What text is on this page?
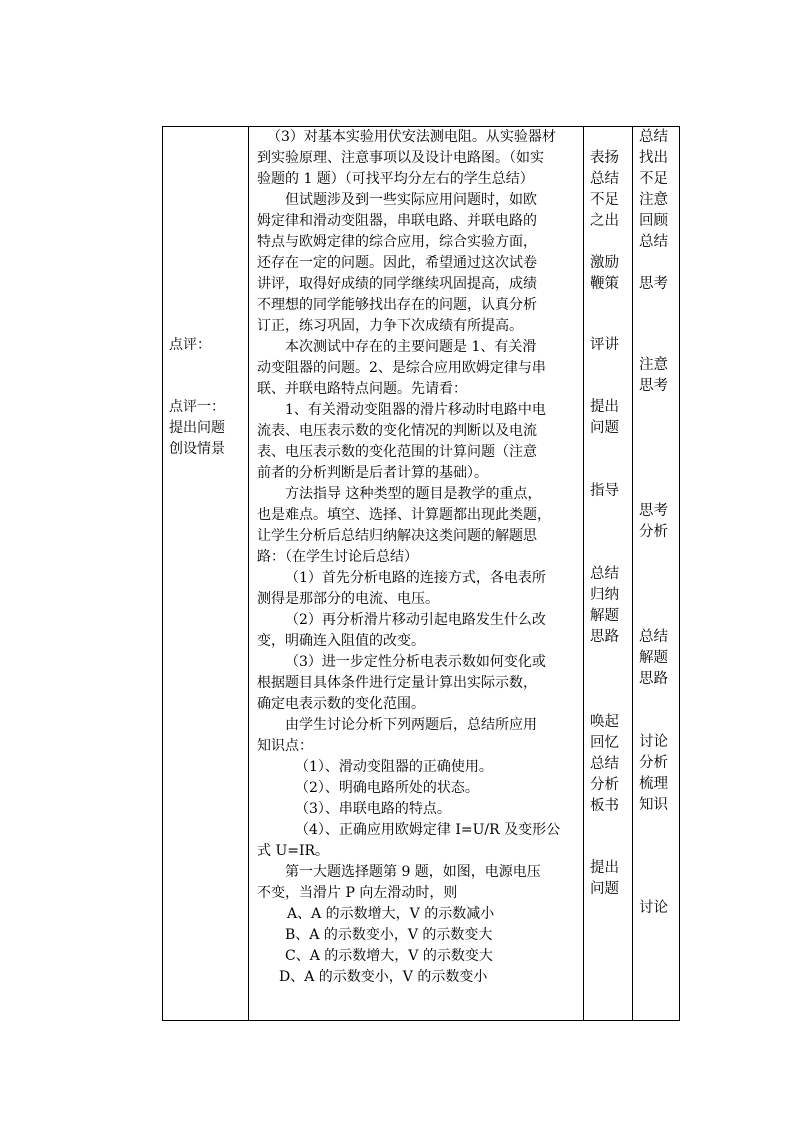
点评：
点评一：
提出问题
创设情景
（3）对基本实验用伏安法测电阻。从实验器材
到实验原理、注意事项以及设计电路图。（如实
验题的 1 题）（可找平均分左右的学生总结）
但试题涉及到一些实际应用问题时，如欧
姆定律和滑动变阻器，串联电路、并联电路的
特点与欧姆定律的综合应用，综合实验方面，
还存在一定的问题。因此，希望通过这次试卷
讲评，取得好成绩的同学继续巩固提高，成绩
不理想的同学能够找出存在的问题，认真分析
订正，练习巩固，力争下次成绩有所提高。
本次测试中存在的主要问题是 1、有关滑
动变阻器的问题。2、是综合应用欧姆定律与串
联、并联电路特点问题。先请看：
1、有关滑动变阻器的滑片移动时电路中电
流表、电压表示数的变化情况的判断以及电流
表、电压表示数的变化范围的计算问题（注意
前者的分析判断是后者计算的基础）。
方法指导 这种类型的题目是教学的重点，
也是难点。填空、选择、计算题都出现此类题，
让学生分析后总结归纳解决这类问题的解题思
路：（在学生讨论后总结）
（1）首先分析电路的连接方式，各电表所
测得是那部分的电流、电压。
（2）再分析滑片移动引起电路发生什么改
变，明确连入阻值的改变。
（3）进一步定性分析电表示数如何变化或
根据题目具体条件进行定量计算出实际示数，
确定电表示数的变化范围。
由学生讨论分析下列两题后，总结所应用
知识点：
（1）、滑动变阻器的正确使用。
（2）、明确电路所处的状态。
（3）、串联电路的特点。
（4）、正确应用欧姆定律 I=U/R 及变形公
式 U=IR。
第一大题选择题第 9 题，如图，电源电压
不变，当滑片 P 向左滑动时，则
A、A 的示数增大，V 的示数减小
B、A 的示数变小，V 的示数变大
C、A 的示数增大，V 的示数变大
D、A 的示数变小，V 的示数变小
表扬
总结
不足
之出
激励
鞭策
评讲
提出
问题
指导
总结
归纳
解题
思路
唤起
回忆
总结
分析
板书
提出
问题
总结
找出
不足
注意
回顾
总结
思考
注意
思考
思考
分析
总结
解题
思路
讨论
分析
梳理
知识
讨论
